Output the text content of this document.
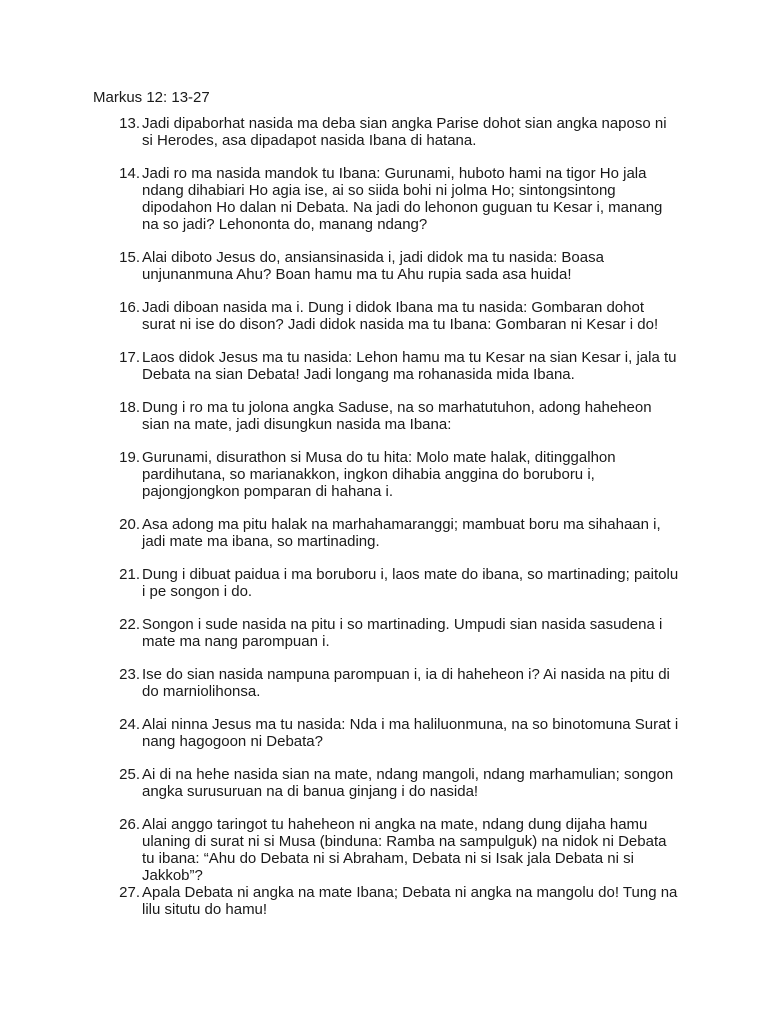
Markus 12: 13-27
13. Jadi dipaborhat nasida ma deba sian angka Parise dohot sian angka naposo ni si Herodes, asa dipadapot nasida Ibana di hatana.
14. Jadi ro ma nasida mandok tu Ibana: Gurunami, huboto hami na tigor Ho jala ndang dihabiari Ho agia ise, ai so siida bohi ni jolma Ho; sintongsintong dipodahon Ho dalan ni Debata. Na jadi do lehonon guguan tu Kesar i, manang na so jadi? Lehononta do, manang ndang?
15. Alai diboto Jesus do, ansiansinasida i, jadi didok ma tu nasida: Boasa unjunanmuna Ahu? Boan hamu ma tu Ahu rupia sada asa huida!
16. Jadi diboan nasida ma i. Dung i didok Ibana ma tu nasida: Gombaran dohot surat ni ise do dison? Jadi didok nasida ma tu Ibana: Gombaran ni Kesar i do!
17. Laos didok Jesus ma tu nasida: Lehon hamu ma tu Kesar na sian Kesar i, jala tu Debata na sian Debata! Jadi longang ma rohanasida mida Ibana.
18. Dung i ro ma tu jolona angka Saduse, na so marhatutuhon, adong haheheon sian na mate, jadi disungkun nasida ma Ibana:
19. Gurunami, disurathon si Musa do tu hita: Molo mate halak, ditinggalhon pardihutana, so marianakkon, ingkon dihabia anggina do boruboru i, pajongjongkon pomparan di hahana i.
20. Asa adong ma pitu halak na marhahamaranggi; mambuat boru ma sihahaan i, jadi mate ma ibana, so martinading.
21. Dung i dibuat paidua i ma boruboru i, laos mate do ibana, so martinading; paitolu i pe songon i do.
22. Songon i sude nasida na pitu i so martinading. Umpudi sian nasida sasudena i mate ma nang parompuan i.
23. Ise do sian nasida nampuna parompuan i, ia di haheheon i? Ai nasida na pitu di do marniolihonsa.
24. Alai ninna Jesus ma tu nasida: Nda i ma haliluonmuna, na so binotomuna Surat i nang hagogoon ni Debata?
25. Ai di na hehe nasida sian na mate, ndang mangoli, ndang marhamulian; songon angka surusuruan na di banua ginjang i do nasida!
26. Alai anggo taringot tu haheheon ni angka na mate, ndang dung dijaha hamu ulaning di surat ni si Musa (binduna: Ramba na sampulguk) na nidok ni Debata tu ibana: “Ahu do Debata ni si Abraham, Debata ni si Isak jala Debata ni si Jakkob”?
27. Apala Debata ni angka na mate Ibana; Debata ni angka na mangolu do! Tung na lilu situtu do hamu!
